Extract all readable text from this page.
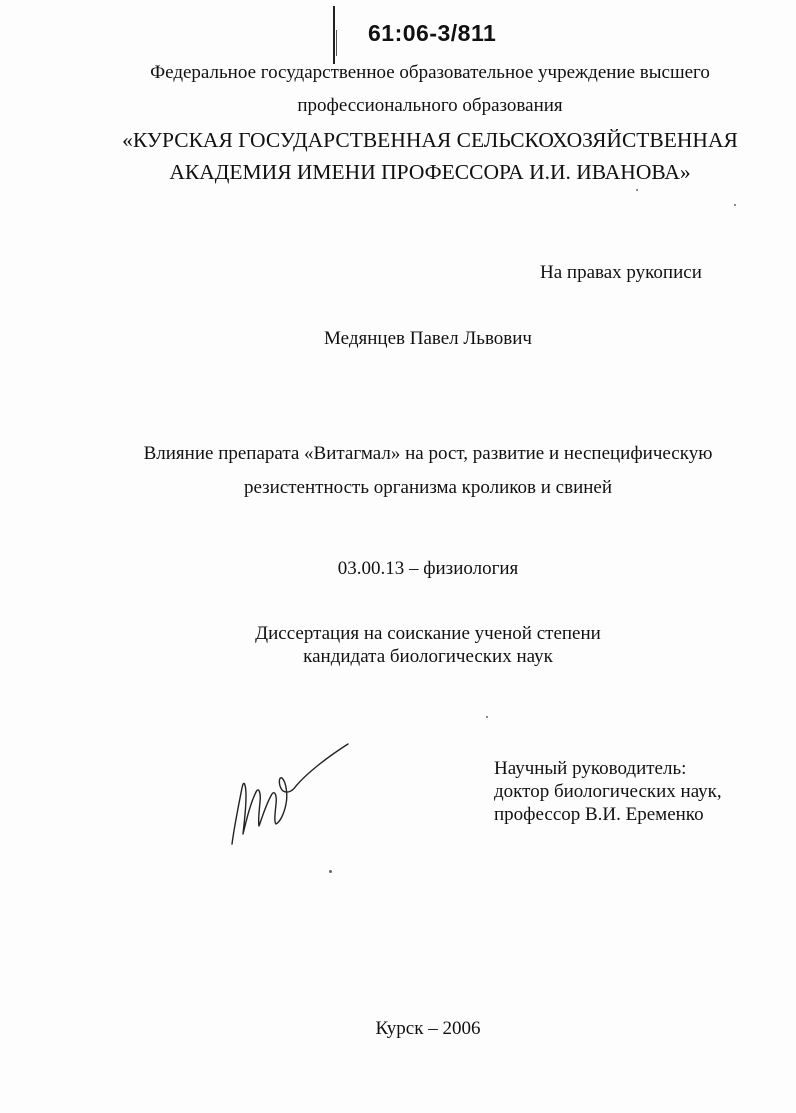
61:06-3/811
Федеральное государственное образовательное учреждение высшего
профессионального образования
«КУРСКАЯ ГОСУДАРСТВЕННАЯ СЕЛЬСКОХОЗЯЙСТВЕННАЯ
АКАДЕМИЯ ИМЕНИ ПРОФЕССОРА И.И. ИВАНОВА»
На правах рукописи
Медянцев Павел Львович
Влияние препарата «Витагмал» на рост, развитие и неспецифическую
резистентность организма кроликов и свиней
03.00.13 – физиология
Диссертация на соискание ученой степени
кандидата биологических наук
Научный руководитель:
доктор биологических наук,
профессор В.И. Еременко
Курск – 2006
